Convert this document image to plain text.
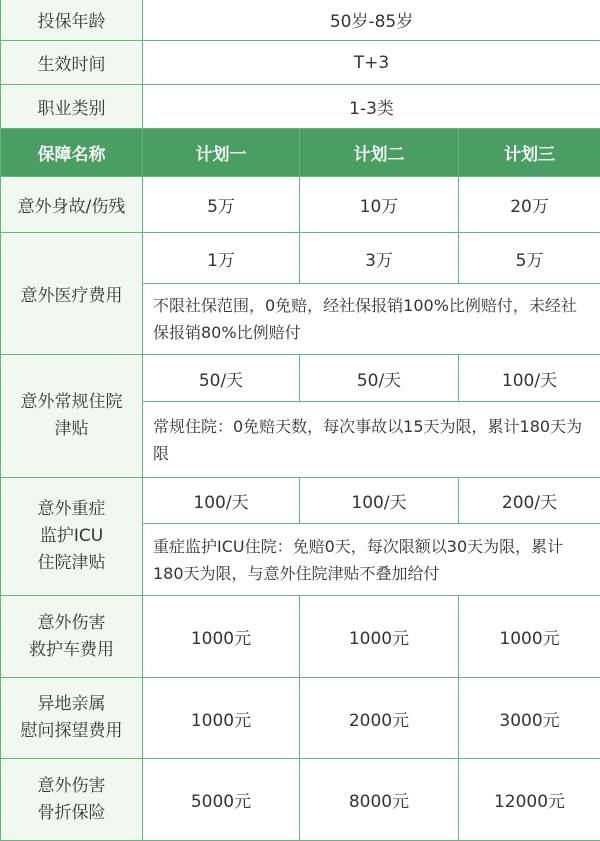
投保年龄	50岁-85岁		
生效时间	T+3		
职业类别	1-3类		
保障名称	计划一	计划二	计划三
意外身故/伤残	5万	10万	20万
意外医疗费用	1万	3万	5万
	不限社保范围，0免赔，经社保报销100%比例赔付，未经社保报销80%比例赔付		
意外常规住院
津贴	50/天	50/天	100/天
	常规住院：0免赔天数，每次事故以15天为限，累计180天为限		
意外重症
监护ICU
住院津贴	100/天	100/天	200/天
	重症监护ICU住院：免赔0天，每次限额以30天为限，累计180天为限，与意外住院津贴不叠加给付		
意外伤害
救护车费用	1000元	1000元	1000元
异地亲属
慰问探望费用	1000元	2000元	3000元
意外伤害
骨折保险	5000元	8000元	12000元
